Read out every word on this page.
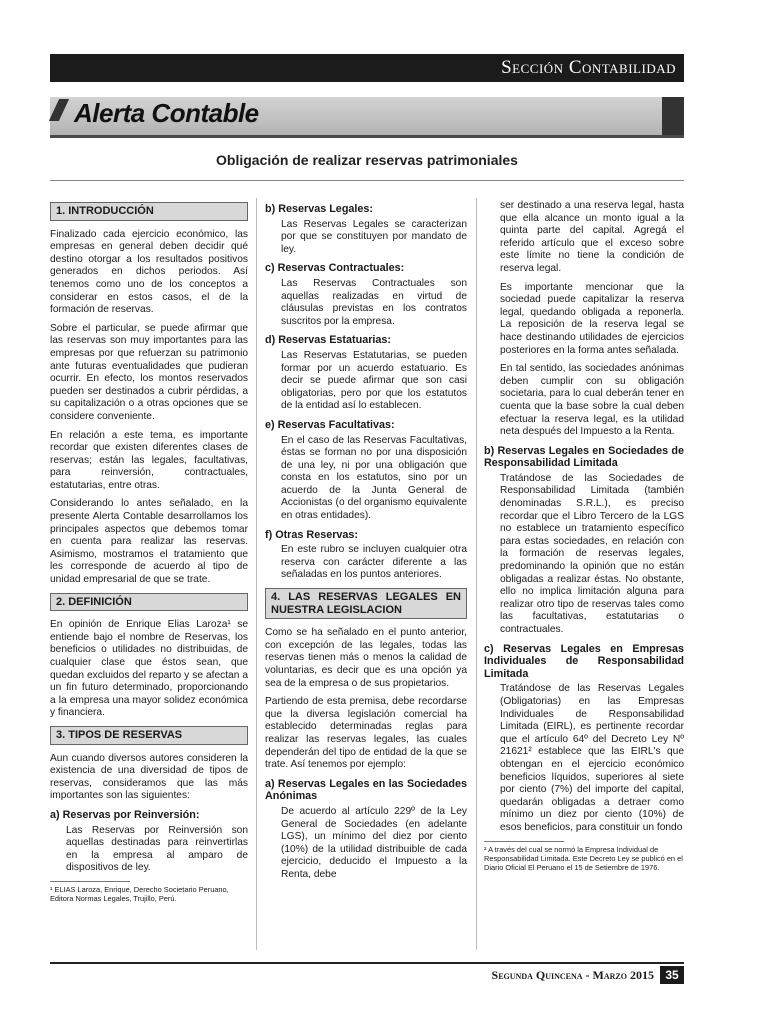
Sección Contabilidad
Alerta Contable
Obligación de realizar reservas patrimoniales
1. INTRODUCCIÓN

Finalizado cada ejercicio económico, las empresas en general deben decidir qué destino otorgar a los resultados positivos generados en dichos periodos. Así tenemos como uno de los conceptos a considerar en estos casos, el de la formación de reservas.

Sobre el particular, se puede afirmar que las reservas son muy importantes para las empresas por que refuerzan su patrimonio ante futuras eventualidades que pudieran ocurrir. En efecto, los montos reservados pueden ser destinados a cubrir pérdidas, a su capitalización o a otras opciones que se considere conveniente.

En relación a este tema, es importante recordar que existen diferentes clases de reservas; están las legales, facultativas, para reinversión, contractuales, estatutarias, entre otras.

Considerando lo antes señalado, en la presente Alerta Contable desarrollamos los principales aspectos que debemos tomar en cuenta para realizar las reservas. Asimismo, mostramos el tratamiento que les corresponde de acuerdo al tipo de unidad empresarial de que se trate.

2. DEFINICIÓN

En opinión de Enrique Elias Laroza¹ se entiende bajo el nombre de Reservas, los beneficios o utilidades no distribuidas, de cualquier clase que éstos sean, que quedan excluidos del reparto y se afectan a un fin futuro determinado, proporcionando a la empresa una mayor solidez económica y financiera.

3. TIPOS DE RESERVAS

Aun cuando diversos autores consideren la existencia de una diversidad de tipos de reservas, consideramos que las más importantes son las siguientes:

a) Reservas por Reinversión:

Las Reservas por Reinversión son aquellas destinadas para reinvertirlas en la empresa al amparo de dispositivos de ley.

¹ ELIAS Laroza, Enrique, Derecho Societario Peruano, Editora Normas Legales, Trujillo, Perú.
b) Reservas Legales:

Las Reservas Legales se caracterizan por que se constituyen por mandato de ley.

c) Reservas Contractuales:

Las Reservas Contractuales son aquellas realizadas en virtud de cláusulas previstas en los contratos suscritos por la empresa.

d) Reservas Estatuarias:

Las Reservas Estatutarias, se pueden formar por un acuerdo estatuario. Es decir se puede afirmar que son casi obligatorias, pero por que los estatutos de la entidad así lo establecen.

e) Reservas Facultativas:

En el caso de las Reservas Facultativas, éstas se forman no por una disposición de una ley, ni por una obligación que consta en los estatutos, sino por un acuerdo de la Junta General de Accionistas (o del organismo equivalente en otras entidades).

f) Otras Reservas:

En este rubro se incluyen cualquier otra reserva con carácter diferente a las señaladas en los puntos anteriores.

4. LAS RESERVAS LEGALES EN NUESTRA LEGISLACION

Como se ha señalado en el punto anterior, con excepción de las legales, todas las reservas tienen más o menos la calidad de voluntarias, es decir que es una opción ya sea de la empresa o de sus propietarios.

Partiendo de esta premisa, debe recordarse que la diversa legislación comercial ha establecido determinadas reglas para realizar las reservas legales, las cuales dependerán del tipo de entidad de la que se trate. Así tenemos por ejemplo:

a) Reservas Legales en las Sociedades Anónimas

De acuerdo al artículo 229º de la Ley General de Sociedades (en adelante LGS), un mínimo del diez por ciento (10%) de la utilidad distribuible de cada ejercicio, deducido el Impuesto a la Renta, debe

ser destinado a una reserva legal, hasta que ella alcance un monto igual a la quinta parte del capital. Agregá el referido artículo que el exceso sobre este límite no tiene la condición de reserva legal.

Es importante mencionar que la sociedad puede capitalizar la reserva legal, quedando obligada a reponerla. La reposición de la reserva legal se hace destinando utilidades de ejercicios posteriores en la forma antes señalada.

En tal sentido, las sociedades anónimas deben cumplir con su obligación societaria, para lo cual deberán tener en cuenta que la base sobre la cual deben efectuar la reserva legal, es la utilidad neta después del Impuesto a la Renta.

b) Reservas Legales en Sociedades de Responsabilidad Limitada

Tratándose de las Sociedades de Responsabilidad Limitada (también denominadas S.R.L.), es preciso recordar que el Libro Tercero de la LGS no establece un tratamiento específico para estas sociedades, en relación con la formación de reservas legales, predominando la opinión que no están obligadas a realizar éstas. No obstante, ello no implica limitación alguna para realizar otro tipo de reservas tales como las facultativas, estatutarias o contractuales.

c) Reservas Legales en Empresas Individuales de Responsabilidad Limitada

Tratándose de las Reservas Legales (Obligatorias) en las Empresas Individuales de Responsabilidad Limitada (EIRL), es pertinente recordar que el artículo 64º del Decreto Ley Nº 21621² establece que las EIRL's que obtengan en el ejercicio económico beneficios líquidos, superiores al siete por ciento (7%) del importe del capital, quedarán obligadas a detraer como mínimo un diez por ciento (10%) de esos beneficios, para constituir un fondo

² A través del cual se normó la Empresa Individual de Responsabilidad Limitada. Este Decreto Ley se publicó en el Diario Oficial El Peruano el 15 de Setiembre de 1976.
Segunda Quincena - Marzo 2015 35
